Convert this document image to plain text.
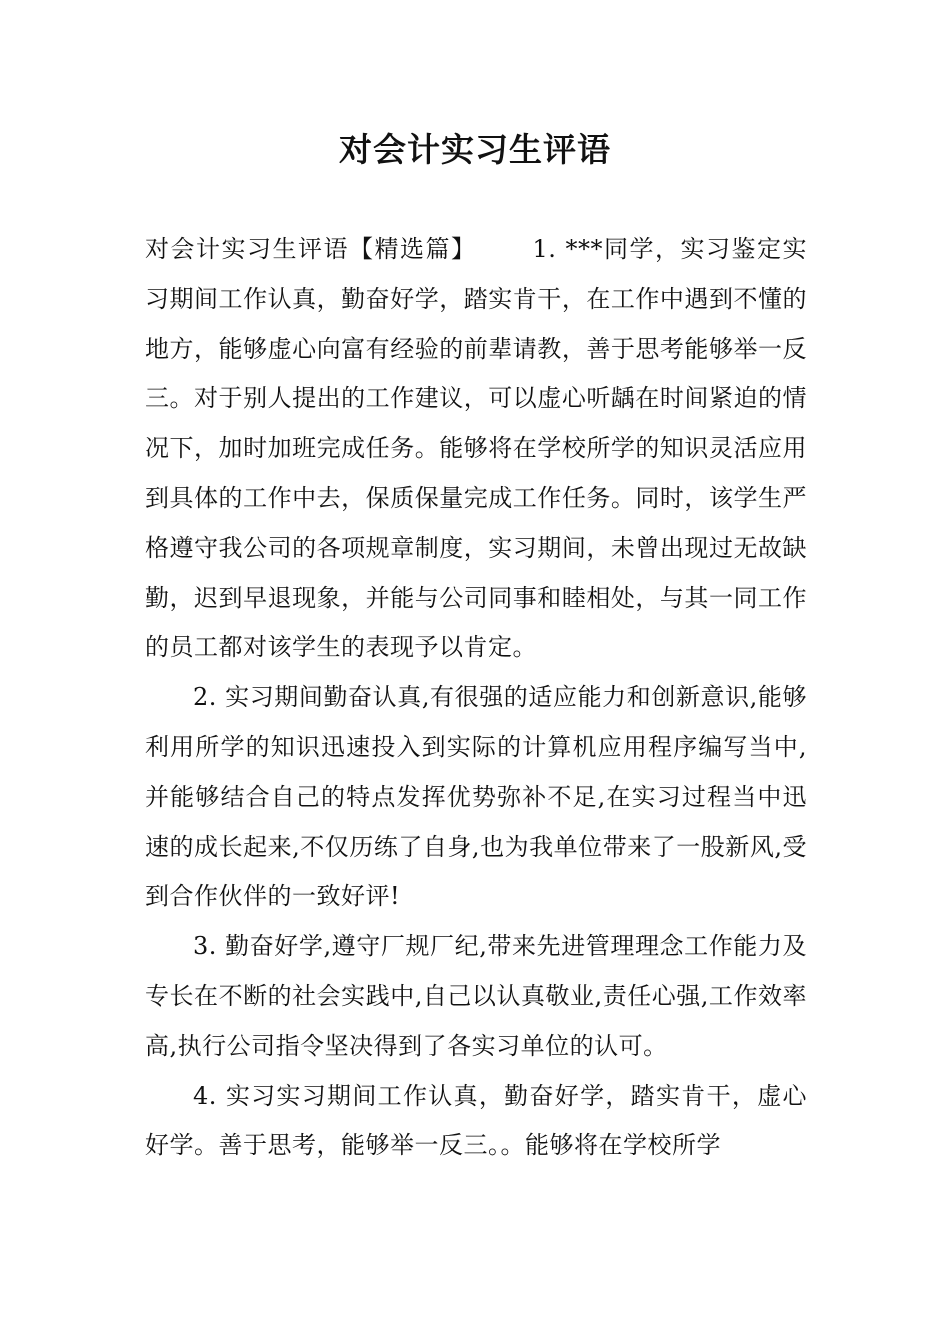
对会计实习生评语

对会计实习生评语【精选篇】 1. ***同学，实习鉴定实习期间工作认真，勤奋好学，踏实肯干，在工作中遇到不懂的地方，能够虚心向富有经验的前辈请教，善于思考能够举一反三。对于别人提出的工作建议，可以虚心听龋在时间紧迫的情况下，加时加班完成任务。能够将在学校所学的知识灵活应用到具体的工作中去，保质保量完成工作任务。同时，该学生严格遵守我公司的各项规章制度，实习期间，未曾出现过无故缺勤，迟到早退现象，并能与公司同事和睦相处，与其一同工作的员工都对该学生的表现予以肯定。

2. 实习期间勤奋认真,有很强的适应能力和创新意识,能够利用所学的知识迅速投入到实际的计算机应用程序编写当中,并能够结合自己的特点发挥优势弥补不足,在实习过程当中迅速的成长起来,不仅历练了自身,也为我单位带来了一股新风,受到合作伙伴的一致好评!

3. 勤奋好学,遵守厂规厂纪,带来先进管理理念工作能力及专长在不断的社会实践中,自己以认真敬业,责任心强,工作效率高,执行公司指令坚决得到了各实习单位的认可。

4. 实习实习期间工作认真，勤奋好学，踏实肯干，虚心好学。善于思考，能够举一反三。。能够将在学校所学
